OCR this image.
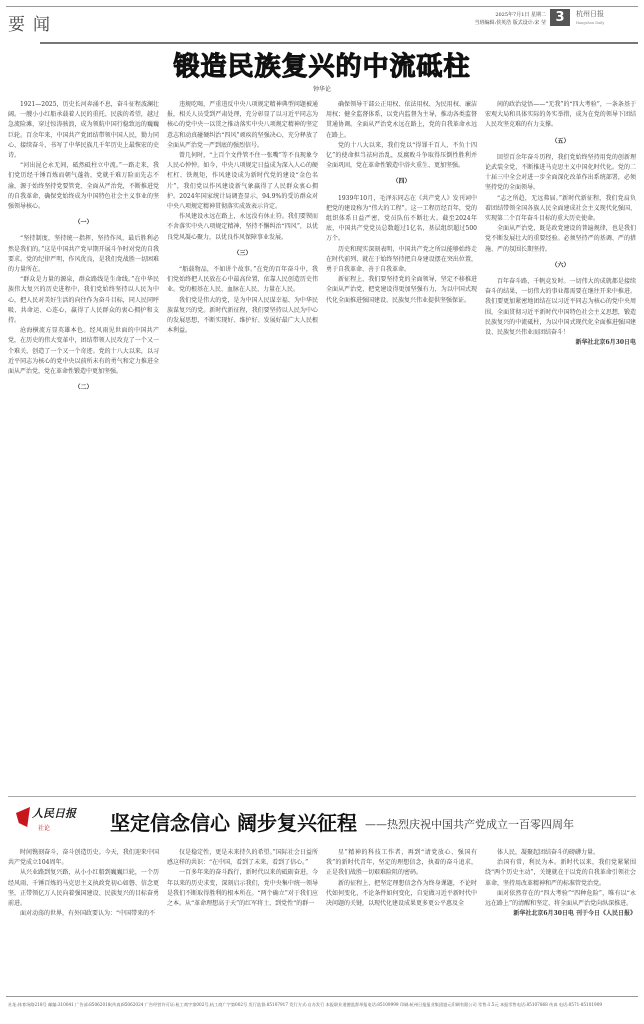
要闻	2025年7月1日 星期二
当班编辑:侯英浩 版式设计:宋 莹 3	杭州日报
Hangzhou Daily
锻造民族复兴的中流砥柱
钟华论

1921—2025，历史长河奔涌不息，奋斗征程波澜壮阔。一艘小小红船承载着人民的重托、民族的希望，越过急流险滩，穿过惊涛骇浪，成为领航中国行稳致远的巍巍巨轮。百余年来，中国共产党团结带领中国人民，勠力同心、接续奋斗，书写了中华民族几千年历史上最恢宏的史诗。

“河出昆仑永无间，砥然砥柱立中流。”一路走来，我们党历经千锤百炼而朝气蓬勃，党就千难万险而先志不渝，源于始终坚持党要管党、全面从严治党，不断推进党的自我革命，确保党始终成为中国特色社会主义事业的坚强领导核心。

（一）

“坚持制度，坚持统一指挥，坚持作风，最后胜利必然是我们的。”这是中国共产党早期开展斗争时对党的自我要求。党的纪律严明，作风优良，是我们党战胜一切困难的力量所在。

“群众是力量的源泉，群众路线是生命线。”在中华民族伟大复兴的历史进程中，我们党始终坚持以人民为中心，把人民对美好生活的向往作为奋斗目标，同人民同呼吸、共命运、心连心，赢得了人民群众的衷心拥护和支持。

沧海横流方显英雄本色。经风雨见世面的中国共产党，在历史的伟大变革中，团结带领人民攻克了一个又一个难关，创造了一个又一个奇迹。党的十八大以来，以习近平同志为核心的党中央以前所未有的勇气和定力推进全面从严治党，党在革命性锻造中更加坚强。

（二）

违规吃喝，严重违反中央八项规定精神典型问题被通报，相关人员受到严肃处理，充分彰显了以习近平同志为核心的党中央一以贯之推动落实中央八项规定精神的坚定意志和动真碰硬纠治“四风”顽疾的坚强决心，充分释放了全面从严治党一严到底的强烈信号。

曾几何时，“上百个文件管不住一张嘴”等不良现象令人民心忡忡。如今，中央八项规定日益成为深入人心的硬杠杠、铁规矩，作风建设成为新时代党的建设“金色名片”，我们党以作风建设新气象赢得了人民群众衷心拥护。2024年国家统计局调查显示，94.9%的受访群众对中央八项规定精神贯彻落实成效表示肯定。

作风建设永远在路上，永远没有休止符。我们要锲而不舍落实中央八项规定精神，坚持不懈纠治“四风”，以优良党风凝心聚力，以优良作风保障事业发展。

（三）

“船载物品，不如讲个故事。”在党的百年奋斗中，我们党始终把人民放在心中最高位置，依靠人民创造历史伟业。党的根基在人民、血脉在人民、力量在人民。

我们党是伟大的党，是为中国人民谋幸福、为中华民族谋复兴的党。新时代新征程，我们要坚持以人民为中心的发展思想，不断实现好、维护好、发展好最广大人民根本利益。

确保领导干部公正用权、依法用权、为民用权、廉洁用权；健全监督体系，以党内监督为主导，推动各类监督贯通协调。全面从严治党永远在路上，党的自我革命永远在路上。

党的十八大以来，我们党以“得罪千百人、不负十四亿”的使命担当祛疴治乱，反腐败斗争取得压倒性胜利并全面巩固，党在革命性锻造中浴火重生、更加坚强。

（四）

1939年10月，毛泽东同志在《共产党人》发刊词中把党的建设称为“伟大的工程”。这一工程历经百年，党的组织体系日益严密，党员队伍不断壮大。截至2024年底，中国共产党党员总数超过1亿名，基层组织超过500万个。

历史和现实深刻表明，中国共产党之所以能够始终走在时代前列，就在于始终坚持把自身建设摆在突出位置，勇于自我革命、善于自我革命。

新征程上，我们要坚持党的全面领导，坚定不移推进全面从严治党，把党建设得更加坚强有力，为以中国式现代化全面推进强国建设、民族复兴伟业提供坚强保证。

间的政治觉悟——“无我”的“四大考验”，一条条基于宏观大局和具体实际的务实举措，成为在党的领导下团结人民攻坚克难的有力支撑。

（五）

回望百余年奋斗历程，我们党始终坚持用党的创新理论武装全党，不断推进马克思主义中国化时代化。党的二十届三中全会对进一步全面深化改革作出系统部署，必须坚持党的全面领导。

“志之所趋，无远弗届。”新时代新征程，我们党肩负着团结带领全国各族人民全面建成社会主义现代化强国、实现第二个百年奋斗目标的重大历史使命。

全面从严治党，既是政党建设的普遍规律，也是我们党不断发展壮大的重要经验。必须坚持严的基调、严的措施、严的氛围长期坚持。

（六）

百年奋斗路，千帆竞发时。一切伟大的成就都是接续奋斗的结果，一切伟大的事业都需要在继往开来中推进。我们要更加紧密地团结在以习近平同志为核心的党中央周围，全面贯彻习近平新时代中国特色社会主义思想，锻造民族复兴的中流砥柱，为以中国式现代化全面推进强国建设、民族复兴伟业而团结奋斗！

新华社北京6月30日电

人民日报
社论	坚定信念信心 阔步复兴征程 ——热烈庆祝中国共产党成立一百零四周年

时间镌刻奋斗，奋斗创造历史。今天，我们迎来中国共产党成立104周年。

从兴业路到复兴路，从小小红船到巍巍巨轮，一个历经风雨、千锤百炼的马克思主义执政党初心如磐、信念更坚，正带领亿万人民向着强国建设、民族复兴的目标奋勇前进。

面对动荡的世界，有外国政要认为：“中国带来的不

仅是稳定性，更是未来持久的希望。”国际社会日益所感这样的共识：“在中国，看到了未来，看到了信心。”

一百多年来的奋斗践行，新时代以来的砥砺奋进，今年以来的历史求变，深刻启示我们，党中央集中统一领导是我们不断取得胜利的根本所在。“两个确立”对于我们应之本。从“革命理想高于天”的红军将士，到党性“的群一

星”精神的科技工作者，再到“请党放心、强国有我”的新时代青年，坚定的理想信念，执着的奋斗追求，正是我们战胜一切艰难险阻的密码。

新的征程上，把坚定理想信念作为终身课题，不论时代如何变化，不论条件如何变化，自觉做习近平新时代中决问题的关键，以现代化建设成果更多更公平惠及全

体人民，凝聚起团结奋斗的磅礴力量。

治国有常，利民为本。新时代以来，我们党紧紧围绕“两个历史主动”，关键就在于以党的自我革命引领社会革命，坚持用改革精神和严的标准管党治党。

面对依然存在的“四大考验”“四种危险”，唯有以“永远在路上”的清醒和坚定，将全面从严治党向纵深推进。

新华社北京6月30日电 刊于今日《人民日报》

社址:体育场路218号 邮编:310041 广告部:85062018(传真)85062024 广告经营许可证:杭工商字第002号,杭工商广字第002号 发行监督:85107917 发行方式:自办发行 本报职业道德监督举报电话:85109999 印刷:杭州日报报业集团盛元印刷有限公司 零售:1.5元 本报零售电话:85107868 传真 电话:0571-85101909
